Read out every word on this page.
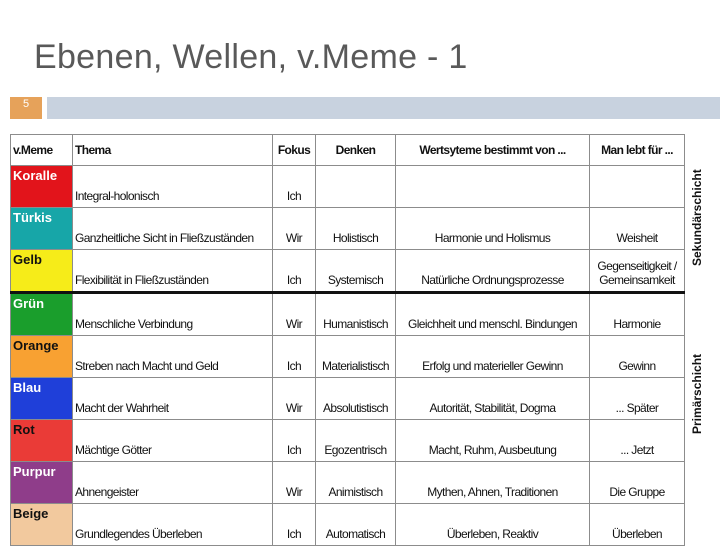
Ebenen, Wellen, v.Meme - 1
5
v.Meme	Thema	Fokus	Denken	Wertsyteme bestimmt von ...	Man lebt für ...
Koralle	Integral-holonisch	Ich			
Türkis	Ganzheitliche Sicht in Fließzuständen	Wir	Holistisch	Harmonie und Holismus	Weisheit
Gelb	Flexibilität in Fließzuständen	Ich	Systemisch	Natürliche Ordnungsprozesse	Gegenseitigkeit / Gemeinsamkeit
Grün	Menschliche Verbindung	Wir	Humanistisch	Gleichheit und menschl. Bindungen	Harmonie
Orange	Streben nach Macht und Geld	Ich	Materialistisch	Erfolg und materieller Gewinn	Gewinn
Blau	Macht der Wahrheit	Wir	Absolutistisch	Autorität, Stabilität, Dogma	... Später
Rot	Mächtige Götter	Ich	Egozentrisch	Macht, Ruhm, Ausbeutung	... Jetzt
Purpur	Ahnengeister	Wir	Animistisch	Mythen, Ahnen, Traditionen	Die Gruppe
Beige	Grundlegendes Überleben	Ich	Automatisch	Überleben, Reaktiv	Überleben
Sekundärschicht
Primärschicht
